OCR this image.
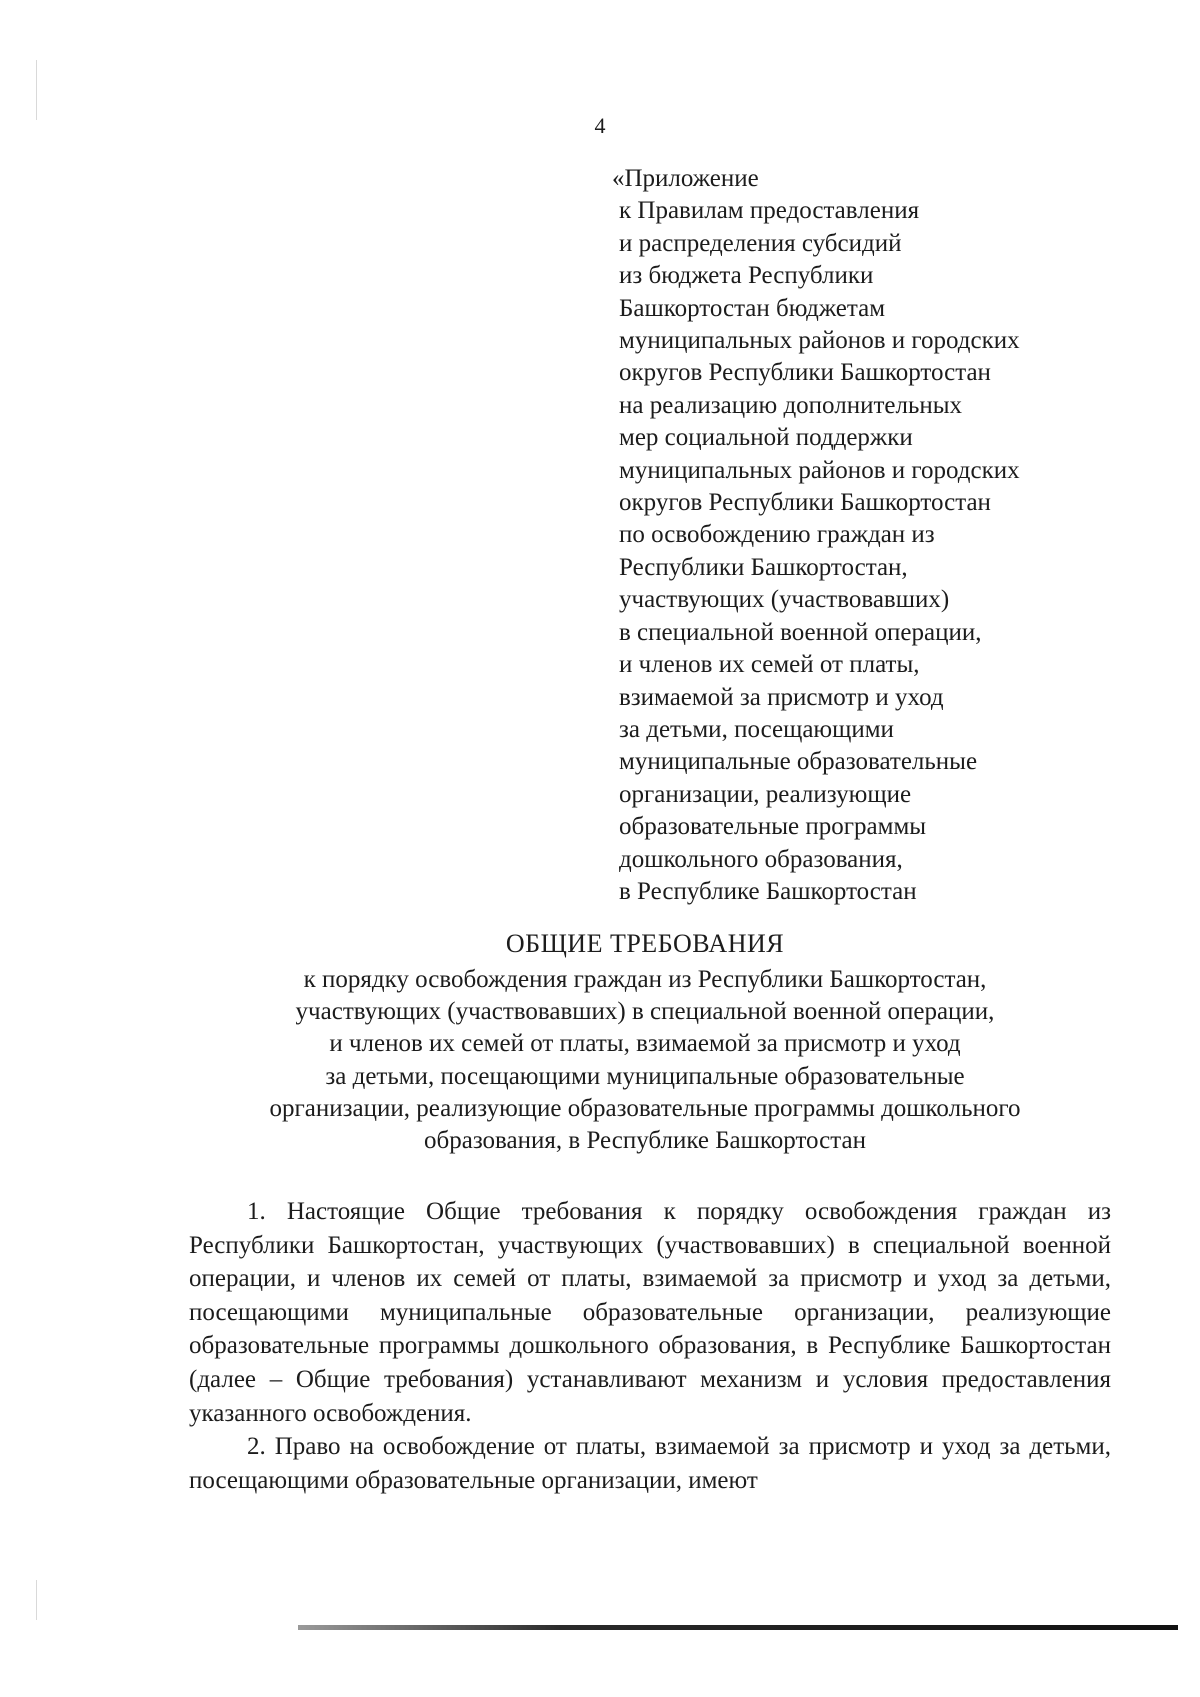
4
«Приложение
к Правилам предоставления
и распределения субсидий
из бюджета Республики
Башкортостан бюджетам
муниципальных районов и городских
округов Республики Башкортостан
на реализацию дополнительных
мер социальной поддержки
муниципальных районов и городских
округов Республики Башкортостан
по освобождению граждан из
Республики Башкортостан,
участвующих (участвовавших)
в специальной военной операции,
и членов их семей от платы,
взимаемой за присмотр и уход
за детьми, посещающими
муниципальные образовательные
организации, реализующие
образовательные программы
дошкольного образования,
в Республике Башкортостан
ОБЩИЕ ТРЕБОВАНИЯ
к порядку освобождения граждан из Республики Башкортостан,
участвующих (участвовавших) в специальной военной операции,
и членов их семей от платы, взимаемой за присмотр и уход
за детьми, посещающими муниципальные образовательные
организации, реализующие образовательные программы дошкольного
образования, в Республике Башкортостан

1. Настоящие Общие требования к порядку освобождения граждан из Республики Башкортостан, участвующих (участвовавших) в специальной военной операции, и членов их семей от платы, взимаемой за присмотр и уход за детьми, посещающими муниципальные образовательные организации, реализующие образовательные программы дошкольного образования, в Республике Башкортостан (далее – Общие требования) устанавливают механизм и условия предоставления указанного освобождения.

2. Право на освобождение от платы, взимаемой за присмотр и уход за детьми, посещающими образовательные организации, имеют
